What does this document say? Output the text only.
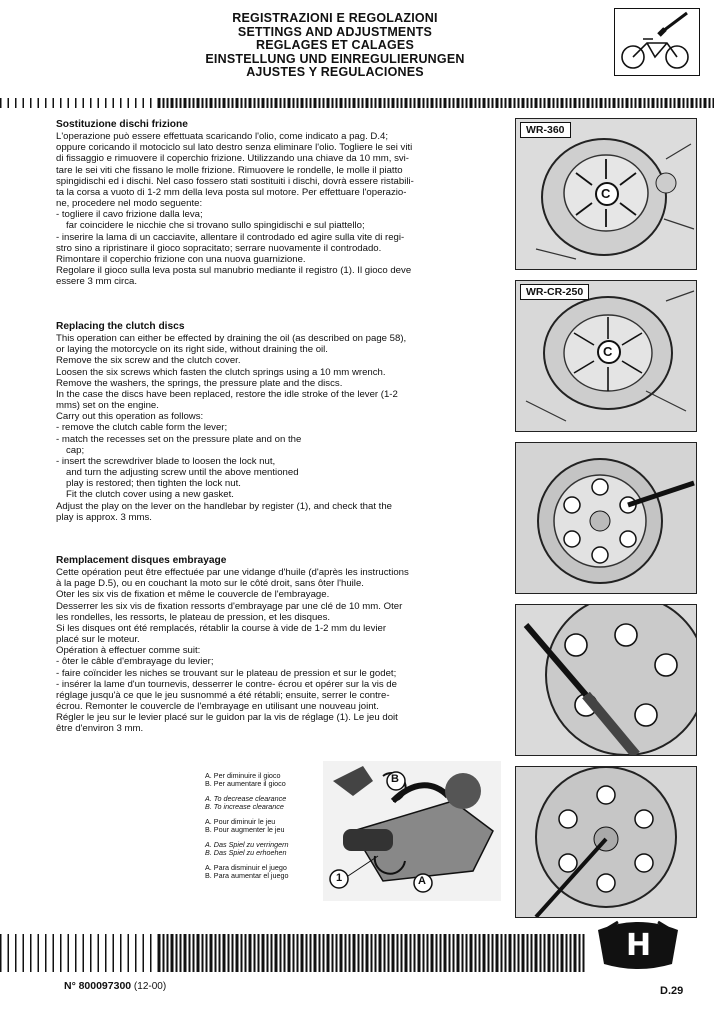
REGISTRAZIONI E REGOLAZIONI
SETTINGS AND ADJUSTMENTS
REGLAGES ET CALAGES
EINSTELLUNG UND EINREGULIERUNGEN
AJUSTES Y REGULACIONES
Sostituzione dischi frizione

L'operazione può essere effettuata scaricando l'olio, come indicato a pag. D.4;

oppure coricando il motociclo sul lato destro senza eliminare l'olio. Togliere le sei viti

di fissaggio e rimuovere il coperchio frizione. Utilizzando una chiave da 10 mm, svi-

tare le sei viti che fissano le molle frizione. Rimuovere le rondelle, le molle il piatto

spingidischi ed i dischi. Nel caso fossero stati sostituiti i dischi, dovrà essere ristabili-

ta la corsa a vuoto di 1-2 mm della leva posta sul motore. Per effettuare l'operazio-

ne, procedere nel modo seguente:

- togliere il cavo frizione dalla leva;

far coincidere le nicchie che si trovano sullo spingidischi e sul piattello;

- inserire la lama di un cacciavite, allentare il controdado ed agire sulla vite di regi-

stro sino a ripristinare il gioco sopracitato; serrare nuovamente il controdado.

Rimontare il coperchio frizione con una nuova guarnizione.

Regolare il gioco sulla leva posta sul manubrio mediante il registro (1). Il gioco deve

essere 3 mm circa.

Replacing the clutch discs

This operation can either be effected by draining the oil (as described on page 58),

or laying the motorcycle on its right side, without draining the oil.

Remove the six screw and the clutch cover.

Loosen the six screws which fasten the clutch springs using a 10 mm wrench.

Remove the washers, the springs, the pressure plate and the discs.

In the case the discs have been replaced, restore the idle stroke of the lever (1-2

mms) set on the engine.

Carry out this operation as follows:

- remove the clutch cable form the lever;

- match the recesses set on the pressure plate and on the

cap;

- insert the screwdriver blade to loosen the lock nut,

and turn the adjusting screw until the above mentioned

play is restored; then tighten the lock nut.

Fit the clutch cover using a new gasket.

Adjust the play on the lever on the handlebar by register (1), and check that the

play is approx. 3 mms.

Remplacement disques embrayage

Cette opération peut être effectuée par une vidange d'huile (d'après les instructions

à la page D.5), ou en couchant la moto sur le côté droit, sans ôter l'huile.

Oter les six vis de fixation et même le couvercle de l'embrayage.

Desserrer les six vis de fixation ressorts d'embrayage par une clé de 10 mm. Oter

les rondelles, les ressorts, le plateau de pression, et les disques.

Si les disques ont été remplacés, rétablir la course à vide de 1-2 mm du levier

placé sur le moteur.

Opération à effectuer comme suit:

- ôter le câble d'embrayage du levier;

- faire coïncider les niches se trouvant sur le plateau de pression et sur le godet;

- insérer la lame d'un tournevis, desserrer le contre- écrou et opérer sur la vis de

réglage jusqu'à ce que le jeu susnommé a été rétabli; ensuite, serrer le contre-

écrou. Remonter le couvercle de l'embrayage en utilisant une nouveau joint.

Régler le jeu sur le levier placé sur le guidon par la vis de réglage (1). Le jeu doit

être d'environ 3 mm.

WR-360
C
WR-CR-250
C
A. Per diminuire il gioco
B. Per aumentare il gioco
A. To decrease clearance
B. To increase clearance
A. Pour diminuir le jeu
B. Pour augmenter le jeu
A. Das Spiel zu verringern
B. Das Spiel zu erhoehen
A. Para disminuir el juego
B. Para aumentar el juego
B
A
1
H
N° 800097300 (12-00)	D.29
